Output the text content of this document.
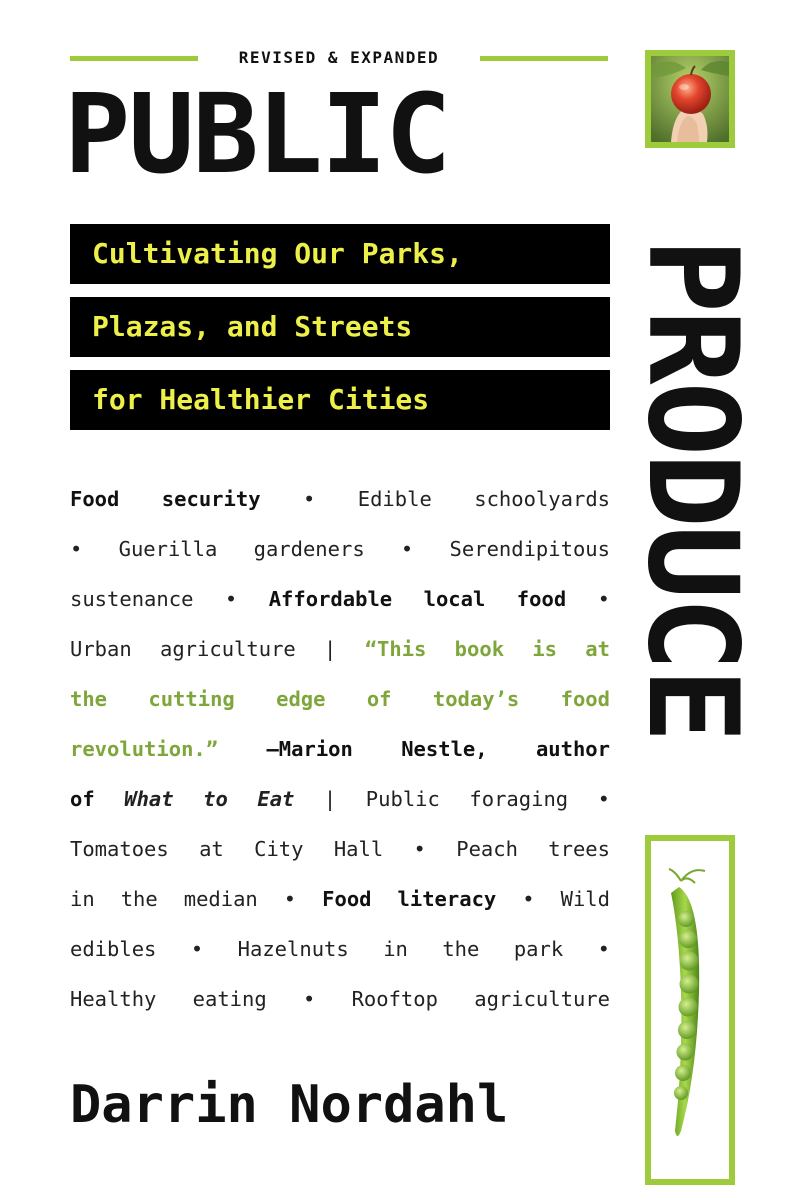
REVISED & EXPANDED
PUBLIC
Cultivating Our Parks,
Plazas, and Streets
for Healthier Cities	PRODUCE
Food security • Edible schoolyards
• Guerilla gardeners • Serendipitous
sustenance • Affordable local food •
Urban agriculture | “This book is at
the cutting edge of today’s food
revolution.” —Marion Nestle, author
of What to Eat | Public foraging •
Tomatoes at City Hall • Peach trees
in the median • Food literacy • Wild
edibles • Hazelnuts in the park •
Healthy eating • Rooftop agriculture
Darrin Nordahl
